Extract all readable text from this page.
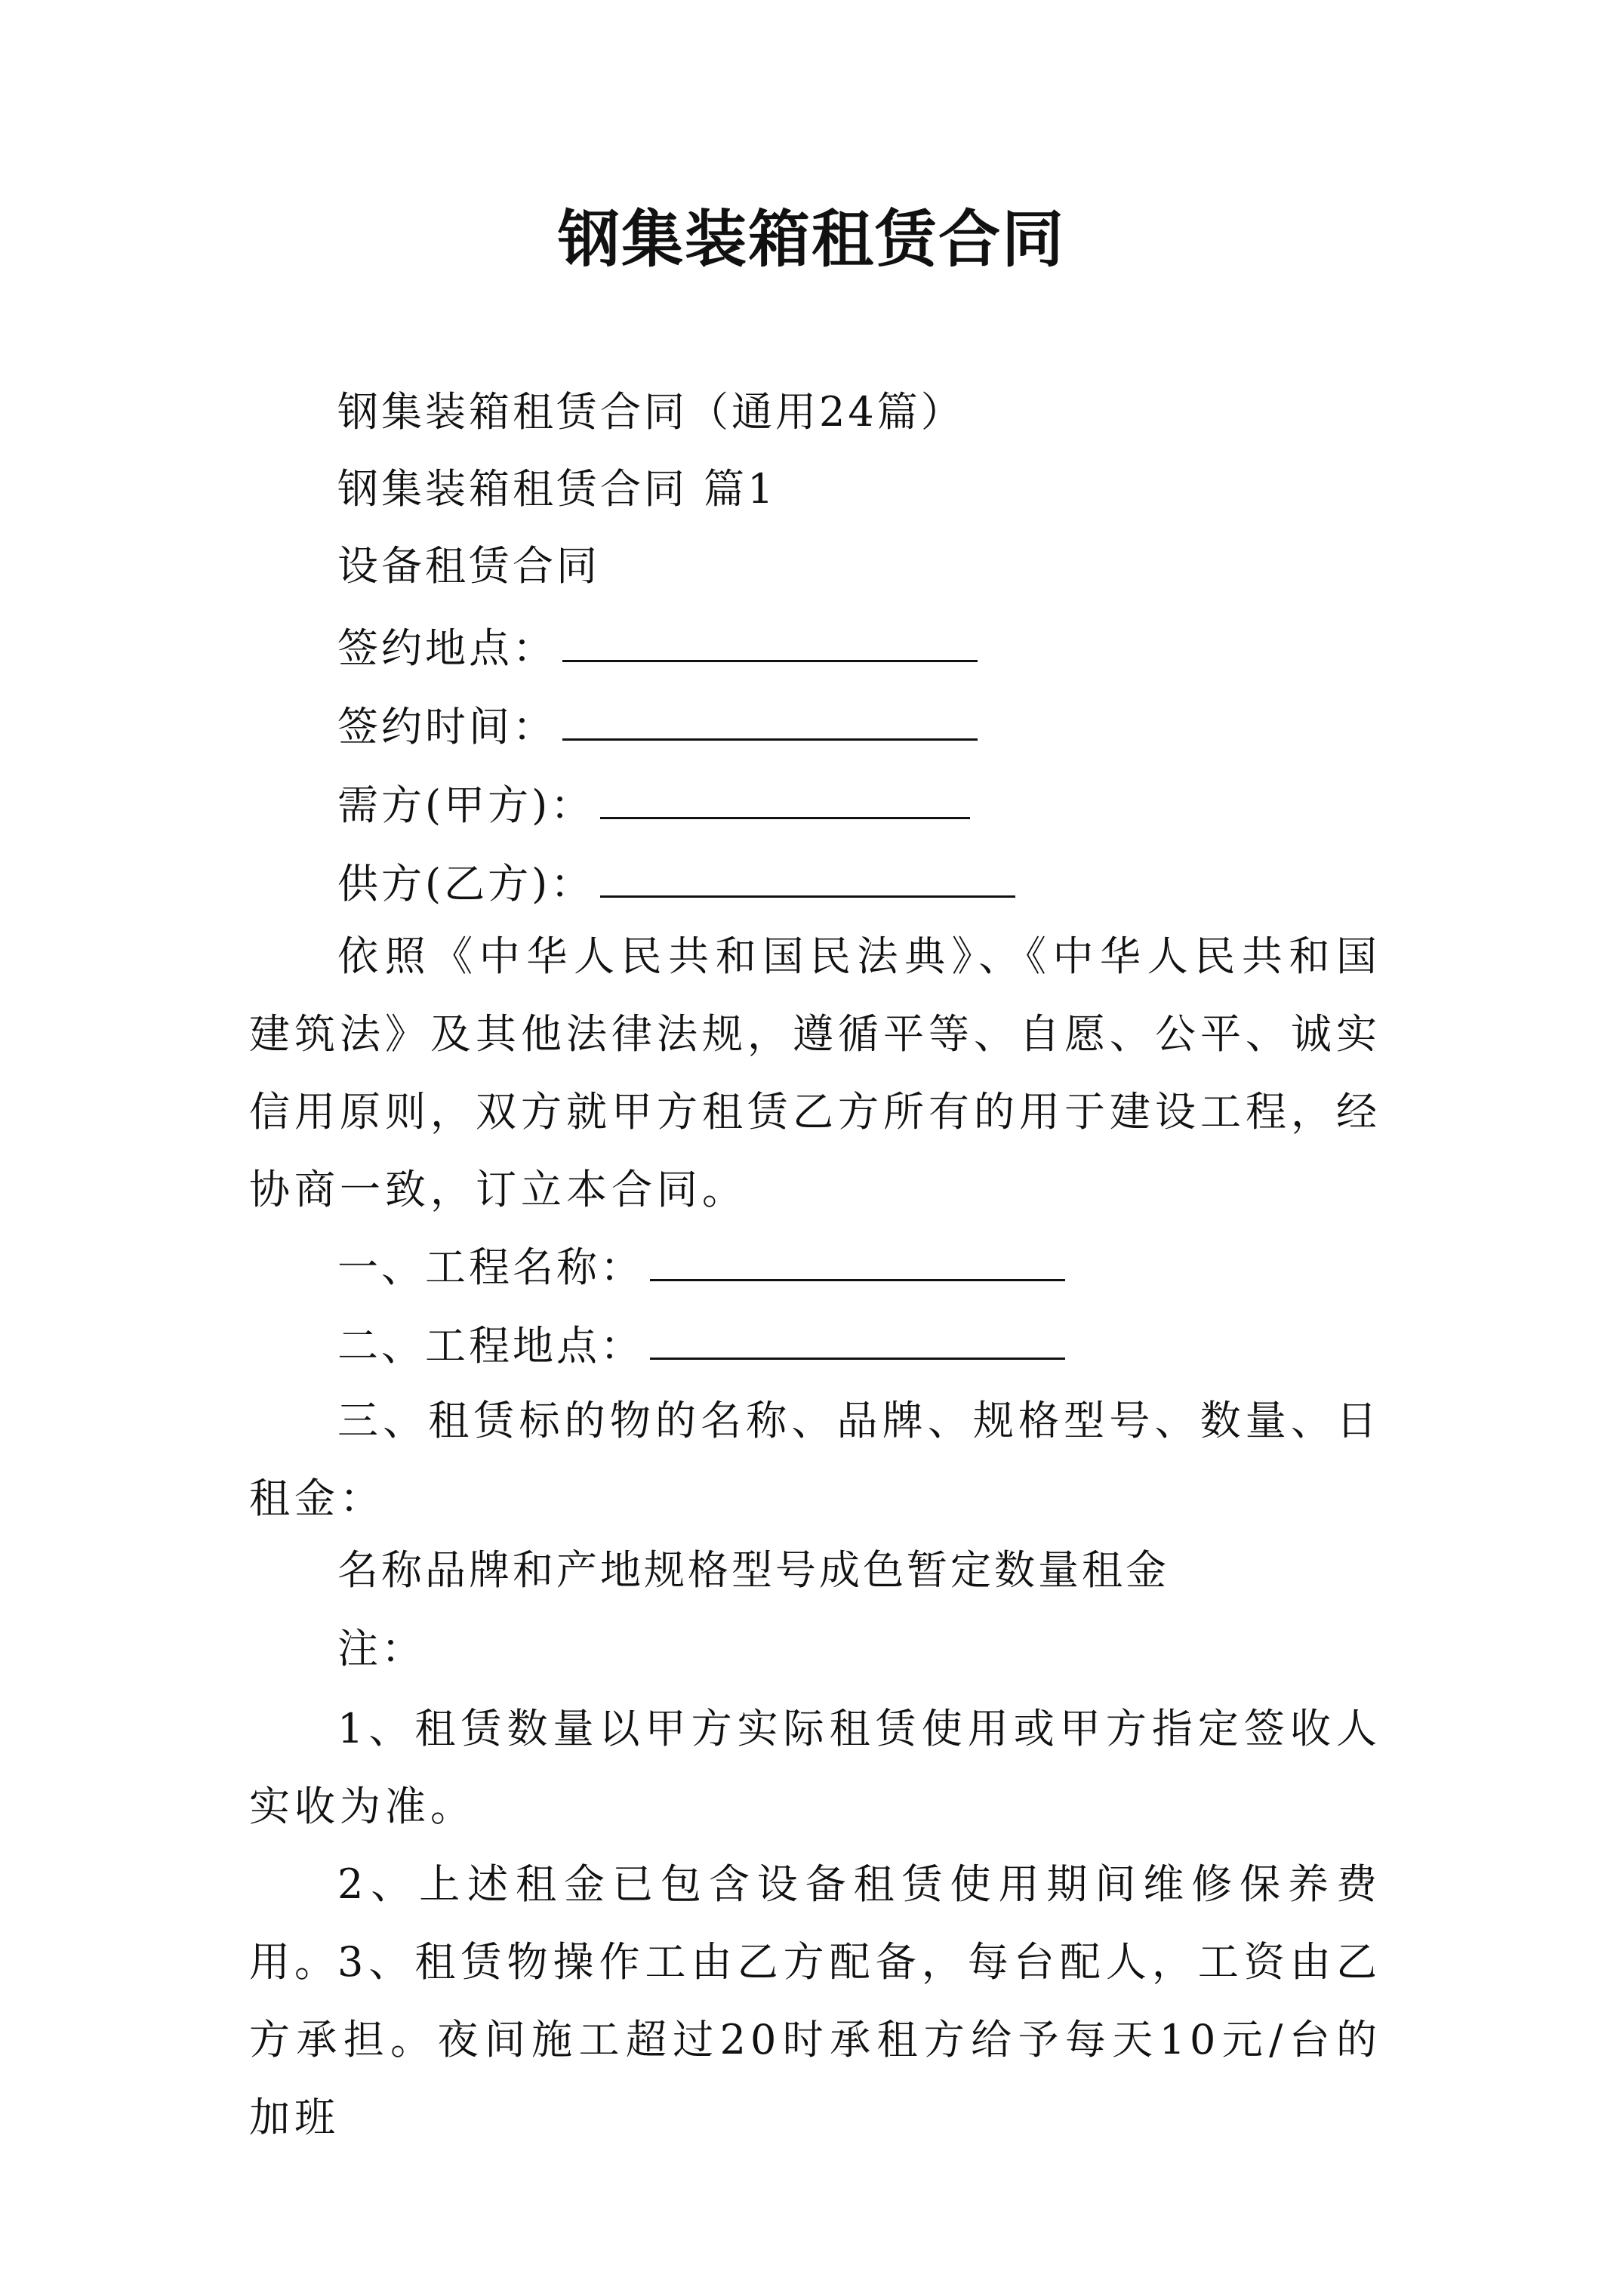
钢集装箱租赁合同
钢集装箱租赁合同（通用24篇）
钢集装箱租赁合同 篇1
设备租赁合同
签约地点：
签约时间：
需方(甲方)：
供方(乙方)：
依照《中华人民共和国民法典》、《中华人民共和国建筑法》及其他法律法规，遵循平等、自愿、公平、诚实信用原则，双方就甲方租赁乙方所有的用于建设工程，经协商一致，订立本合同。
一、工程名称：
二、工程地点：
三、租赁标的物的名称、品牌、规格型号、数量、日租金：
名称品牌和产地规格型号成色暂定数量租金
注：
1、租赁数量以甲方实际租赁使用或甲方指定签收人实收为准。
2、上述租金已包含设备租赁使用期间维修保养费用。
3、租赁物操作工由乙方配备，每台配人，工资由乙方承担。夜间施工超过20时承租方给予每天10元/台的加班
